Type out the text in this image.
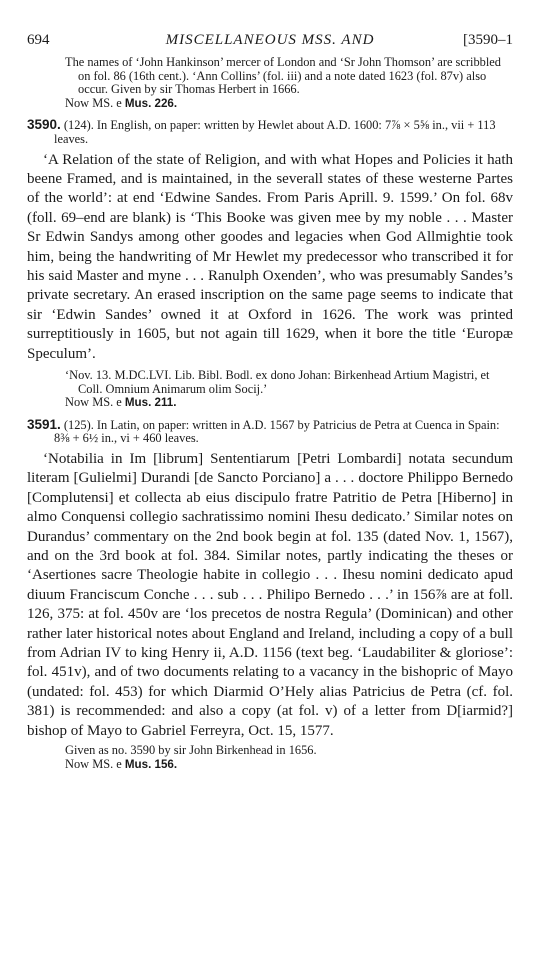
694	MISCELLANEOUS MSS. AND	[3590–1
The names of ‘John Hankinson’ mercer of London and ‘Sr John Thomson’ are scribbled on fol. 86 (16th cent.). ‘Ann Collins’ (fol. iii) and a note dated 1623 (fol. 87v) also occur. Given by sir Thomas Herbert in 1666.
Now MS. e Mus. 226.
3590. (124). In English, on paper: written by Hewlet about A.D. 1600: 7⅞ × 5⅝ in., vii + 113 leaves.

‘A Relation of the state of Religion, and with what Hopes and Policies it hath beene Framed, and is maintained, in the severall states of these westerne Partes of the world’: at end ‘Edwine Sandes. From Paris Aprill. 9. 1599.’ On fol. 68v (foll. 69–end are blank) is ‘This Booke was given mee by my noble . . . Master Sr Edwin Sandys among other goodes and legacies when God Allmightie took him, being the handwriting of Mr Hewlet my predecessor who transcribed it for his said Master and myne . . . Ranulph Oxenden’, who was presumably Sandes’s private secretary. An erased inscription on the same page seems to indicate that sir ‘Edwin Sandes’ owned it at Oxford in 1626. The work was printed surreptitiously in 1605, but not again till 1629, when it bore the title ‘Europæ Speculum’.

‘Nov. 13. M.DC.LVI. Lib. Bibl. Bodl. ex dono Johan: Birkenhead Artium Magistri, et Coll. Omnium Animarum olim Socij.’
Now MS. e Mus. 211.
3591. (125). In Latin, on paper: written in A.D. 1567 by Patricius de Petra at Cuenca in Spain: 8⅜ + 6½ in., vi + 460 leaves.

‘Notabilia in Im [librum] Sententiarum [Petri Lombardi] notata secundum literam [Gulielmi] Durandi [de Sancto Porciano] a . . . doctore Philippo Bernedo [Complutensi] et collecta ab eius discipulo fratre Patritio de Petra [Hiberno] in almo Conquensi collegio sachratissimo nomini Ihesu dedicato.’ Similar notes on Durandus’ commentary on the 2nd book begin at fol. 135 (dated Nov. 1, 1567), and on the 3rd book at fol. 384. Similar notes, partly indicating the theses or ‘Asertiones sacre Theologie habite in collegio . . . Ihesu nomini dedicato apud diuum Franciscum Conche . . . sub . . . Philipo Bernedo . . .’ in 156⅞ are at foll. 126, 375: at fol. 450v are ‘los precetos de nostra Regula’ (Dominican) and other rather later historical notes about England and Ireland, including a copy of a bull from Adrian IV to king Henry ii, A.D. 1156 (text beg. ‘Laudabiliter & gloriose’: fol. 451v), and of two documents relating to a vacancy in the bishopric of Mayo (undated: fol. 453) for which Diarmid O’Hely alias Patricius de Petra (cf. fol. 381) is recommended: and also a copy (at fol. v) of a letter from D[iarmid?] bishop of Mayo to Gabriel Ferreyra, Oct. 15, 1577.

Given as no. 3590 by sir John Birkenhead in 1656.
Now MS. e Mus. 156.
